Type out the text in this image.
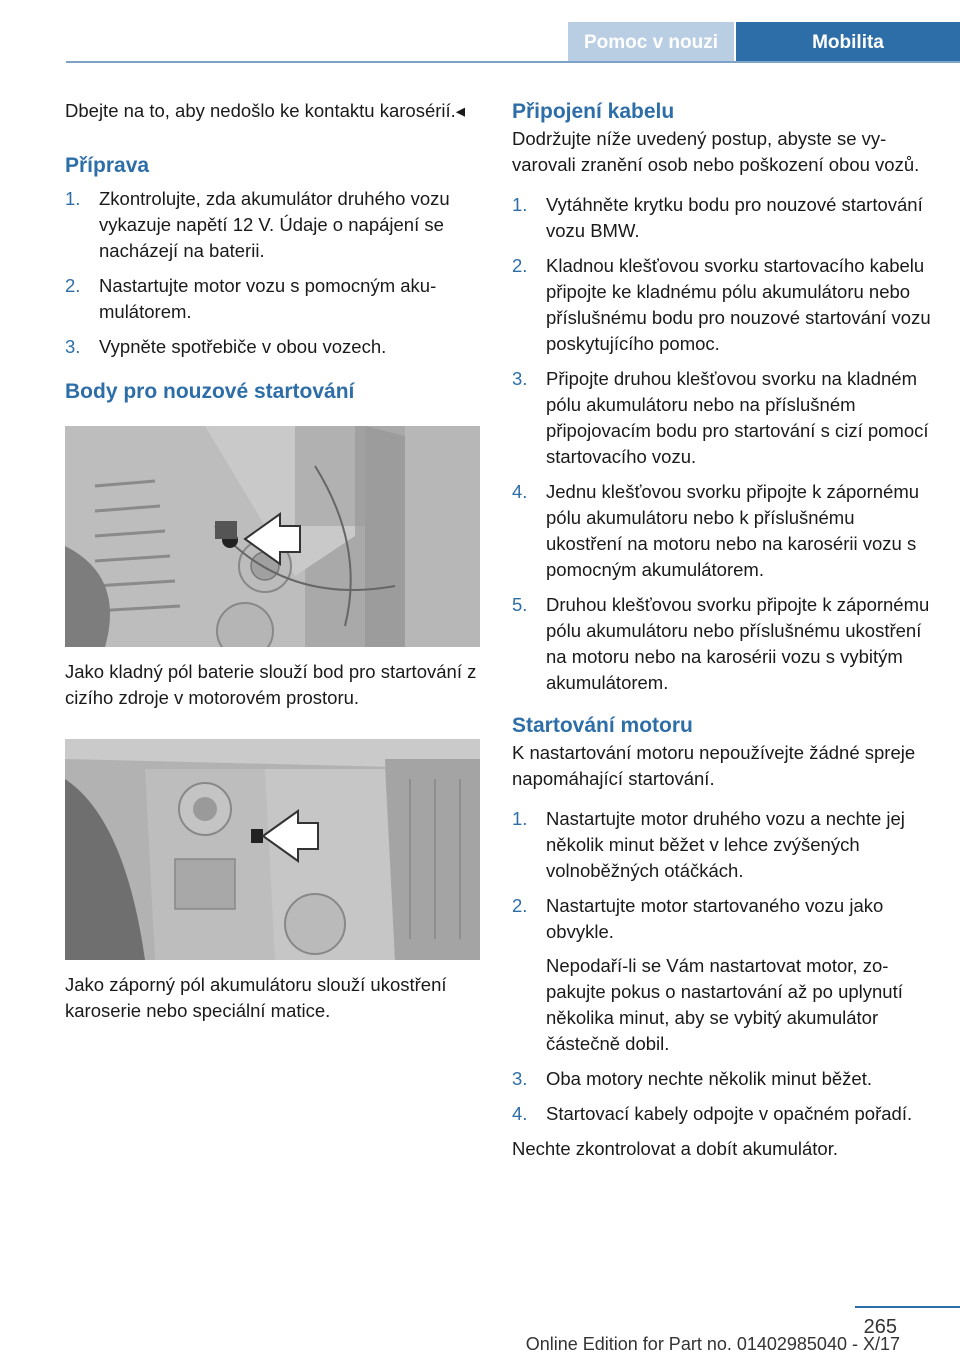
Pomoc v nouzi	Mobilita

Dbejte na to, aby nedošlo ke kontaktu karosérií.◂

Příprava
1. Zkontrolujte, zda akumulátor druhého vozu vykazuje napětí 12 V. Údaje o napájení se nacházejí na baterii.
2. Nastartujte motor vozu s pomocným akumulátorem.
3. Vypněte spotřebiče v obou vozech.
Body pro nouzové startování

Jako kladný pól baterie slouží bod pro startování z cizího zdroje v motorovém prostoru.

Jako záporný pól akumulátoru slouží ukostření karoserie nebo speciální matice.

Připojení kabelu

Dodržujte níže uvedený postup, abyste se vyvarovali zranění osob nebo poškození obou vozů.

1. Vytáhněte krytku bodu pro nouzové startování vozu BMW.
2. Kladnou klešťovou svorku startovacího kabelu připojte ke kladnému pólu akumulátoru nebo příslušnému bodu pro nouzové startování vozu poskytujícího pomoc.
3. Připojte druhou klešťovou svorku na kladném pólu akumulátoru nebo na příslušném připojovacím bodu pro startování s cizí pomocí startovacího vozu.
4. Jednu klešťovou svorku připojte k zápornému pólu akumulátoru nebo k příslušnému ukostření na motoru nebo na karosérii vozu s pomocným akumulátorem.
5. Druhou klešťovou svorku připojte k zápornému pólu akumulátoru nebo příslušnému ukostření na motoru nebo na karosérii vozu s vybitým akumulátorem.
Startování motoru

K nastartování motoru nepoužívejte žádné spreje napomáhající startování.

1. Nastartujte motor druhého vozu a nechte jej několik minut běžet v lehce zvýšených volnoběžných otáčkách.
2. Nastartujte motor startovaného vozu jako obvykle.
Nepodaří-li se Vám nastartovat motor, zopakujte pokus o nastartování až po uplynutí několika minut, aby se vybitý akumulátor částečně dobil.
3. Oba motory nechte několik minut běžet.
4. Startovací kabely odpojte v opačném pořadí.

Nechte zkontrolovat a dobít akumulátor.

265
Online Edition for Part no. 01402985040 - X/17
